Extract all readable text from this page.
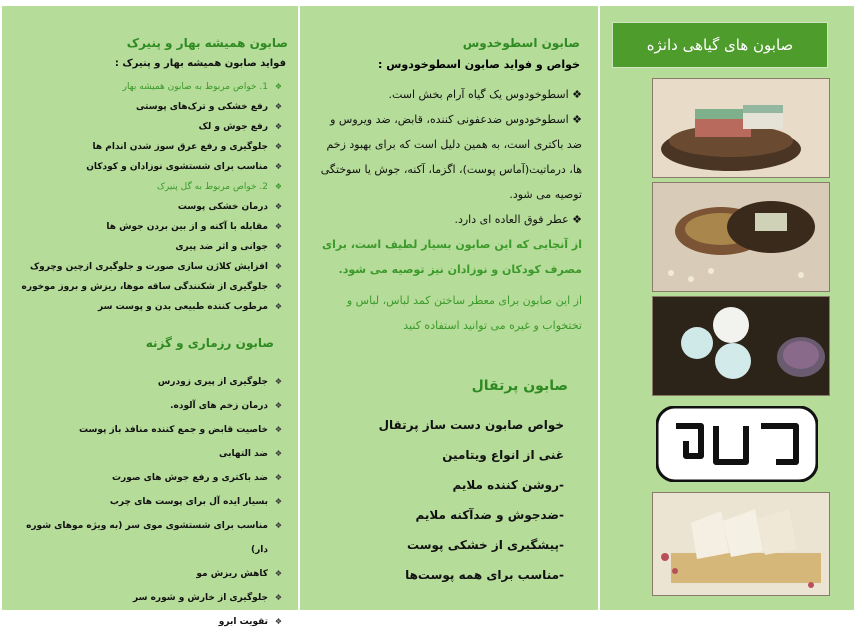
صابون همیشه بهار و پنیرک
فواید صابون همیشه بهار و پنیرک :
❖
1. خواص مربوط به صابون همیشه بهار
❖
رفع خشکی و ترک‌های پوستی
❖
رفع جوش و لک
❖
جلوگیری و رفع عرق سوز شدن اندام ها
❖
مناسب برای شستشوی نوزادان و کودکان
❖
2. خواص مربوط به گل پنیرک
❖
درمان خشکی پوست
❖
مقابله با آکنه و از بین بردن جوش ها
❖
جوانی و اثر ضد پیری
❖
افزایش کلاژن سازی صورت و جلوگیری ازچین وچروک
❖
جلوگیری از شکنندگی ساقه موها، ریزش و بروز موخوره
❖
مرطوب کننده طبیعی بدن و پوست سر
صابون رزماری و گزنه
❖
جلوگیری از پیری زودرس
❖
درمان زخم های آلوده.
❖
خاصیت قابض و جمع کننده منافذ باز پوست
❖
ضد التهابی
❖
ضد باکتری و رفع جوش های صورت
❖
بسیار ایده آل برای پوست های چرب
❖
مناسب برای شستشوی موی سر (به ویژه موهای شوره دار)
❖
کاهش ریزش مو
❖
جلوگیری از خارش و شوره سر
❖
تقویت ابرو
صابون اسطوخدوس
خواص و فواید صابون اسطوخودوس :
❖ اسطوخودوس یک گیاه آرام بخش است.
❖ اسطوخودوس ضدعفونی کننده، قابض، ضد ویروس و ضد باکتری است، به همین دلیل است که برای بهبود زخم ها، درماتیت(آماس پوست)، اگزما، آکنه، جوش یا سوختگی توصیه می شود.
❖ عطر فوق العاده ای دارد.
از آنجایی که این صابون بسیار لطیف است، برای مصرف کودکان و نوزادان نیز توصیه می شود.
از این صابون برای معطر ساختن کمد لباس، لباس و تختخواب و غیره می توانید استفاده کنید
صابون پرتقال
خواص صابون دست ساز پرتقال
غنی از انواع ویتامین
-روشن کننده ملایم
-ضدجوش و ضدآکنه ملایم
-پیشگیری از خشکی پوست
-مناسب برای همه پوست‌ها
صابون های گیاهی دانژه
